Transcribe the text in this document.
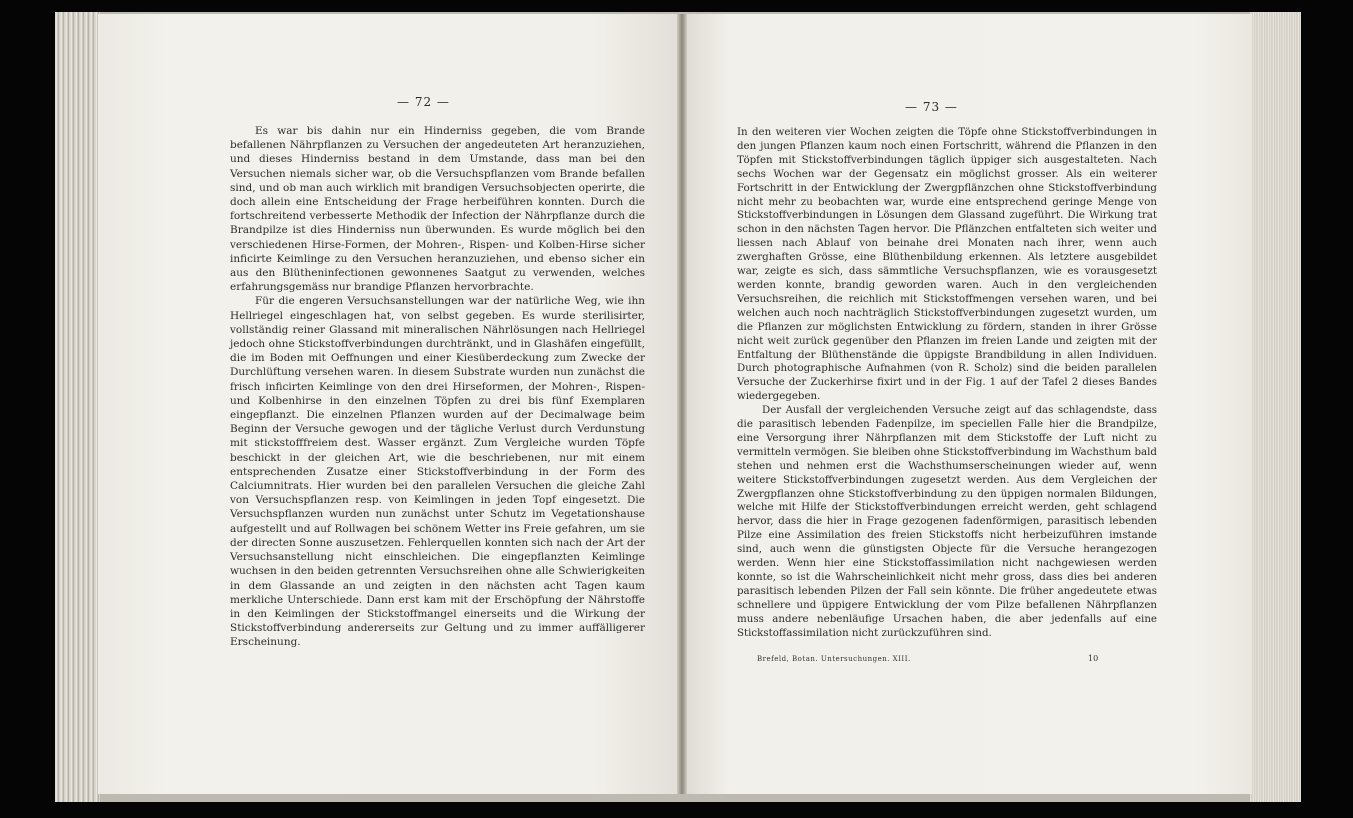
— 72 —

Es war bis dahin nur ein Hinderniss gegeben, die vom Brande befallenen Nährpflanzen zu Versuchen der angedeuteten Art heranzuziehen, und dieses Hinderniss bestand in dem Umstande, dass man bei den Versuchen niemals sicher war, ob die Versuchspflanzen vom Brande befallen sind, und ob man auch wirklich mit brandigen Versuchsobjecten operirte, die doch allein eine Entscheidung der Frage herbeiführen konnten. Durch die fortschreitend verbesserte Methodik der Infection der Nährpflanze durch die Brandpilze ist dies Hinderniss nun überwunden. Es wurde möglich bei den verschiedenen Hirse-Formen, der Mohren-, Rispen- und Kolben-Hirse sicher inficirte Keimlinge zu den Versuchen heranzuziehen, und ebenso sicher ein aus den Blütheninfectionen gewonnenes Saatgut zu verwenden, welches erfahrungsgemäss nur brandige Pflanzen hervorbrachte.

Für die engeren Versuchsanstellungen war der natürliche Weg, wie ihn Hellriegel eingeschlagen hat, von selbst gegeben. Es wurde sterilisirter, vollständig reiner Glassand mit mineralischen Nährlösungen nach Hellriegel jedoch ohne Stickstoffverbindungen durchtränkt, und in Glashäfen eingefüllt, die im Boden mit Oeffnungen und einer Kiesüberdeckung zum Zwecke der Durchlüftung versehen waren. In diesem Substrate wurden nun zunächst die frisch inficirten Keimlinge von den drei Hirseformen, der Mohren-, Rispen- und Kolbenhirse in den einzelnen Töpfen zu drei bis fünf Exemplaren eingepflanzt. Die einzelnen Pflanzen wurden auf der Decimalwage beim Beginn der Versuche gewogen und der tägliche Verlust durch Verdunstung mit stickstofffreiem dest. Wasser ergänzt. Zum Vergleiche wurden Töpfe beschickt in der gleichen Art, wie die beschriebenen, nur mit einem entsprechenden Zusatze einer Stickstoffverbindung in der Form des Calciumnitrats. Hier wurden bei den parallelen Versuchen die gleiche Zahl von Versuchspflanzen resp. von Keimlingen in jeden Topf eingesetzt. Die Versuchspflanzen wurden nun zunächst unter Schutz im Vegetationshause aufgestellt und auf Rollwagen bei schönem Wetter ins Freie gefahren, um sie der directen Sonne auszusetzen. Fehlerquellen konnten sich nach der Art der Versuchsanstellung nicht einschleichen. Die eingepflanzten Keimlinge wuchsen in den beiden getrennten Versuchsreihen ohne alle Schwierigkeiten in dem Glassande an und zeigten in den nächsten acht Tagen kaum merkliche Unterschiede. Dann erst kam mit der Erschöpfung der Nährstoffe in den Keimlingen der Stickstoffmangel einerseits und die Wirkung der Stickstoffverbindung andererseits zur Geltung und zu immer auffälligerer Erscheinung.

— 73 —

In den weiteren vier Wochen zeigten die Töpfe ohne Stickstoffverbindungen in den jungen Pflanzen kaum noch einen Fortschritt, während die Pflanzen in den Töpfen mit Stickstoffverbindungen täglich üppiger sich ausgestalteten. Nach sechs Wochen war der Gegensatz ein möglichst grosser. Als ein weiterer Fortschritt in der Entwicklung der Zwergpflänzchen ohne Stickstoffverbindung nicht mehr zu beobachten war, wurde eine entsprechend geringe Menge von Stickstoffverbindungen in Lösungen dem Glassand zugeführt. Die Wirkung trat schon in den nächsten Tagen hervor. Die Pflänzchen entfalteten sich weiter und liessen nach Ablauf von beinahe drei Monaten nach ihrer, wenn auch zwerghaften Grösse, eine Blüthenbildung erkennen. Als letztere ausgebildet war, zeigte es sich, dass sämmtliche Versuchspflanzen, wie es vorausgesetzt werden konnte, brandig geworden waren. Auch in den vergleichenden Versuchsreihen, die reichlich mit Stickstoffmengen versehen waren, und bei welchen auch noch nachträglich Stickstoffverbindungen zugesetzt wurden, um die Pflanzen zur möglichsten Entwicklung zu fördern, standen in ihrer Grösse nicht weit zurück gegenüber den Pflanzen im freien Lande und zeigten mit der Entfaltung der Blüthenstände die üppigste Brandbildung in allen Individuen. Durch photographische Aufnahmen (von R. Scholz) sind die beiden parallelen Versuche der Zuckerhirse fixirt und in der Fig. 1 auf der Tafel 2 dieses Bandes wiedergegeben.

Der Ausfall der vergleichenden Versuche zeigt auf das schlagendste, dass die parasitisch lebenden Fadenpilze, im speciellen Falle hier die Brandpilze, eine Versorgung ihrer Nährpflanzen mit dem Stickstoffe der Luft nicht zu vermitteln vermögen. Sie bleiben ohne Stickstoffverbindung im Wachsthum bald stehen und nehmen erst die Wachsthumserscheinungen wieder auf, wenn weitere Stickstoffverbindungen zugesetzt werden. Aus dem Vergleichen der Zwergpflanzen ohne Stickstoffverbindung zu den üppigen normalen Bildungen, welche mit Hilfe der Stickstoffverbindungen erreicht werden, geht schlagend hervor, dass die hier in Frage gezogenen fadenförmigen, parasitisch lebenden Pilze eine Assimilation des freien Stickstoffs nicht herbeizuführen imstande sind, auch wenn die günstigsten Objecte für die Versuche herangezogen werden. Wenn hier eine Stickstoffassimilation nicht nachgewiesen werden konnte, so ist die Wahrscheinlichkeit nicht mehr gross, dass dies bei anderen parasitisch lebenden Pilzen der Fall sein könnte. Die früher angedeutete etwas schnellere und üppigere Entwicklung der vom Pilze befallenen Nährpflanzen muss andere nebenläufige Ursachen haben, die aber jedenfalls auf eine Stickstoffassimilation nicht zurückzuführen sind.

Brefeld, Botan. Untersuchungen. XIII.	10
